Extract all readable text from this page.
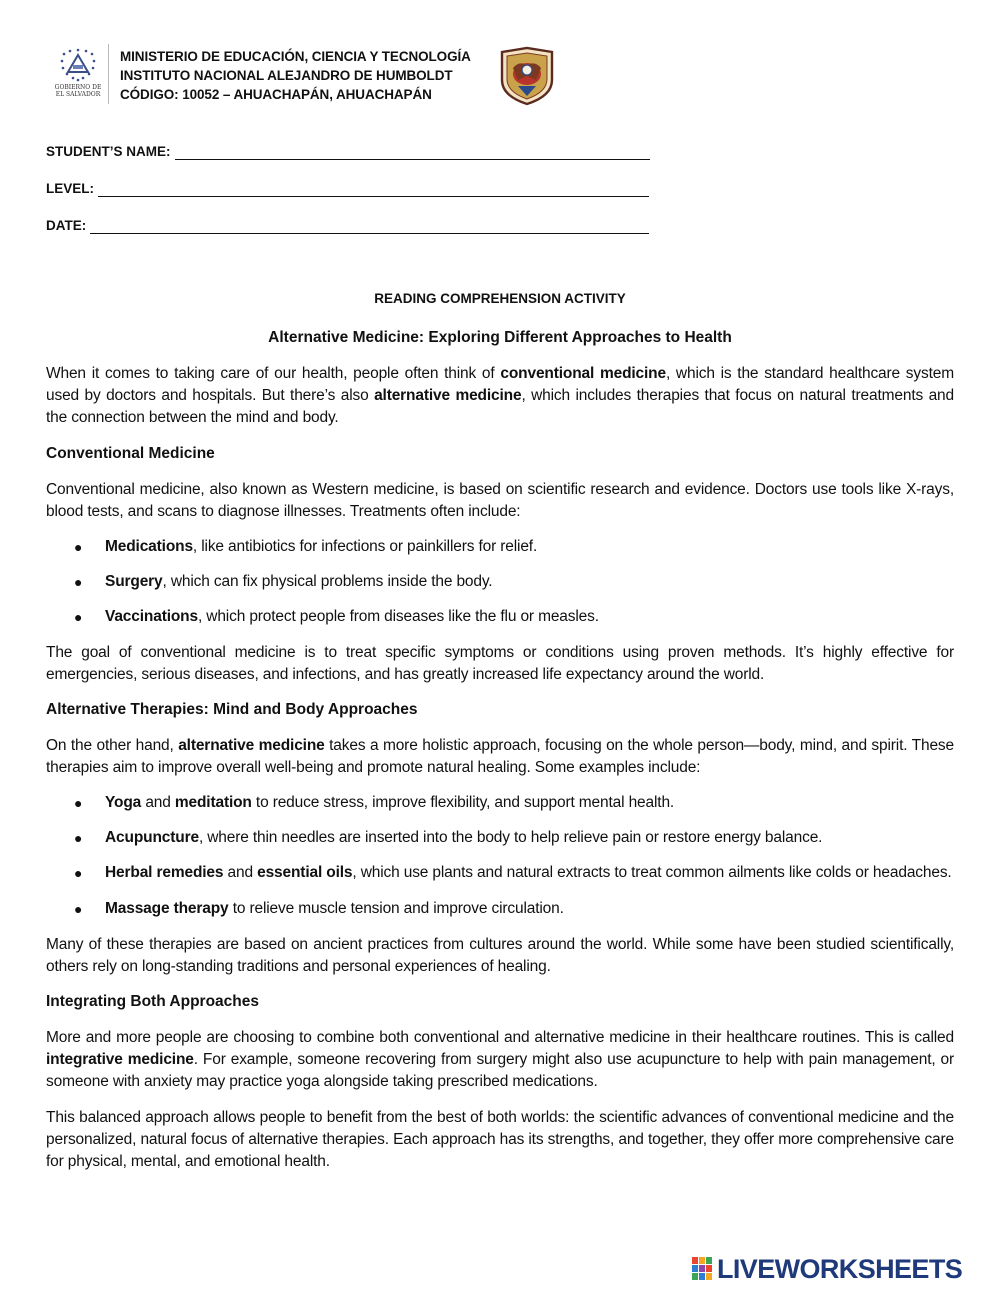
GOBIERNO DE
EL SALVADOR
MINISTERIO DE EDUCACIÓN, CIENCIA Y TECNOLOGÍA
INSTITUTO NACIONAL ALEJANDRO DE HUMBOLDT
CÓDIGO: 10052 – AHUACHAPÁN, AHUACHAPÁN
STUDENT’S NAME:
LEVEL:
DATE:
READING COMPREHENSION ACTIVITY
Alternative Medicine: Exploring Different Approaches to Health
When it comes to taking care of our health, people often think of conventional medicine, which is the standard healthcare system used by doctors and hospitals. But there’s also alternative medicine, which includes therapies that focus on natural treatments and the connection between the mind and body.
Conventional Medicine
Conventional medicine, also known as Western medicine, is based on scientific research and evidence. Doctors use tools like X-rays, blood tests, and scans to diagnose illnesses. Treatments often include:
● Medications, like antibiotics for infections or painkillers for relief.
● Surgery, which can fix physical problems inside the body.
● Vaccinations, which protect people from diseases like the flu or measles.
The goal of conventional medicine is to treat specific symptoms or conditions using proven methods. It’s highly effective for emergencies, serious diseases, and infections, and has greatly increased life expectancy around the world.
Alternative Therapies: Mind and Body Approaches
On the other hand, alternative medicine takes a more holistic approach, focusing on the whole person—body, mind, and spirit. These therapies aim to improve overall well-being and promote natural healing. Some examples include:
● Yoga and meditation to reduce stress, improve flexibility, and support mental health.
● Acupuncture, where thin needles are inserted into the body to help relieve pain or restore energy balance.
● Herbal remedies and essential oils, which use plants and natural extracts to treat common ailments like colds or headaches.
● Massage therapy to relieve muscle tension and improve circulation.
Many of these therapies are based on ancient practices from cultures around the world. While some have been studied scientifically, others rely on long-standing traditions and personal experiences of healing.
Integrating Both Approaches
More and more people are choosing to combine both conventional and alternative medicine in their healthcare routines. This is called integrative medicine. For example, someone recovering from surgery might also use acupuncture to help with pain management, or someone with anxiety may practice yoga alongside taking prescribed medications.
This balanced approach allows people to benefit from the best of both worlds: the scientific advances of conventional medicine and the personalized, natural focus of alternative therapies. Each approach has its strengths, and together, they offer more comprehensive care for physical, mental, and emotional health.
LIVEWORKSHEETS
